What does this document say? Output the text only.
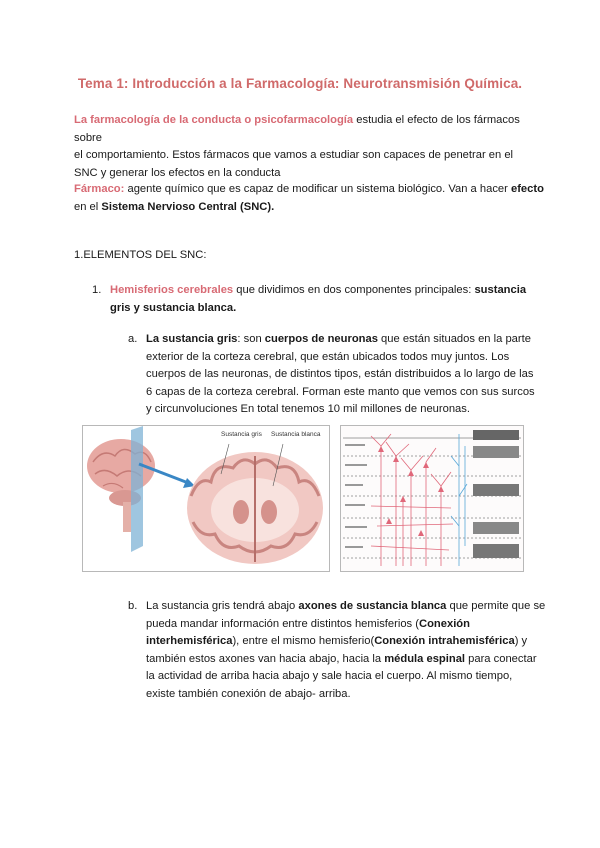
Tema 1: Introducción a la Farmacología: Neurotransmisión Química.
La farmacología de la conducta o psicofarmacología estudia el efecto de los fármacos sobre
el comportamiento. Estos fármacos que vamos a estudiar son capaces de penetrar en el
SNC y generar los efectos en la conducta
Fármaco: agente químico que es capaz de modificar un sistema biológico. Van a hacer efecto
en el Sistema Nervioso Central (SNC).
1.ELEMENTOS DEL SNC:
1. Hemisferios cerebrales que dividimos en dos componentes principales: sustancia
gris y sustancia blanca.
a. La sustancia gris: son cuerpos de neuronas que están situados en la parte
exterior de la corteza cerebral, que están ubicados todos muy juntos. Los
cuerpos de las neuronas, de distintos tipos, están distribuidos a lo largo de las
6 capas de la corteza cerebral. Forman este manto que vemos con sus surcos
y circunvoluciones En total tenemos 10 mil millones de neuronas.
Sustancia gris Sustancia blanca
b. La sustancia gris tendrá abajo axones de sustancia blanca que permite que se
pueda mandar información entre distintos hemisferios (Conexión
interhemisférica), entre el mismo hemisferio(Conexión intrahemisférica) y
también estos axones van hacia abajo, hacia la médula espinal para conectar
la actividad de arriba hacia abajo y sale hacia el cuerpo. Al mismo tiempo,
existe también conexión de abajo- arriba.
